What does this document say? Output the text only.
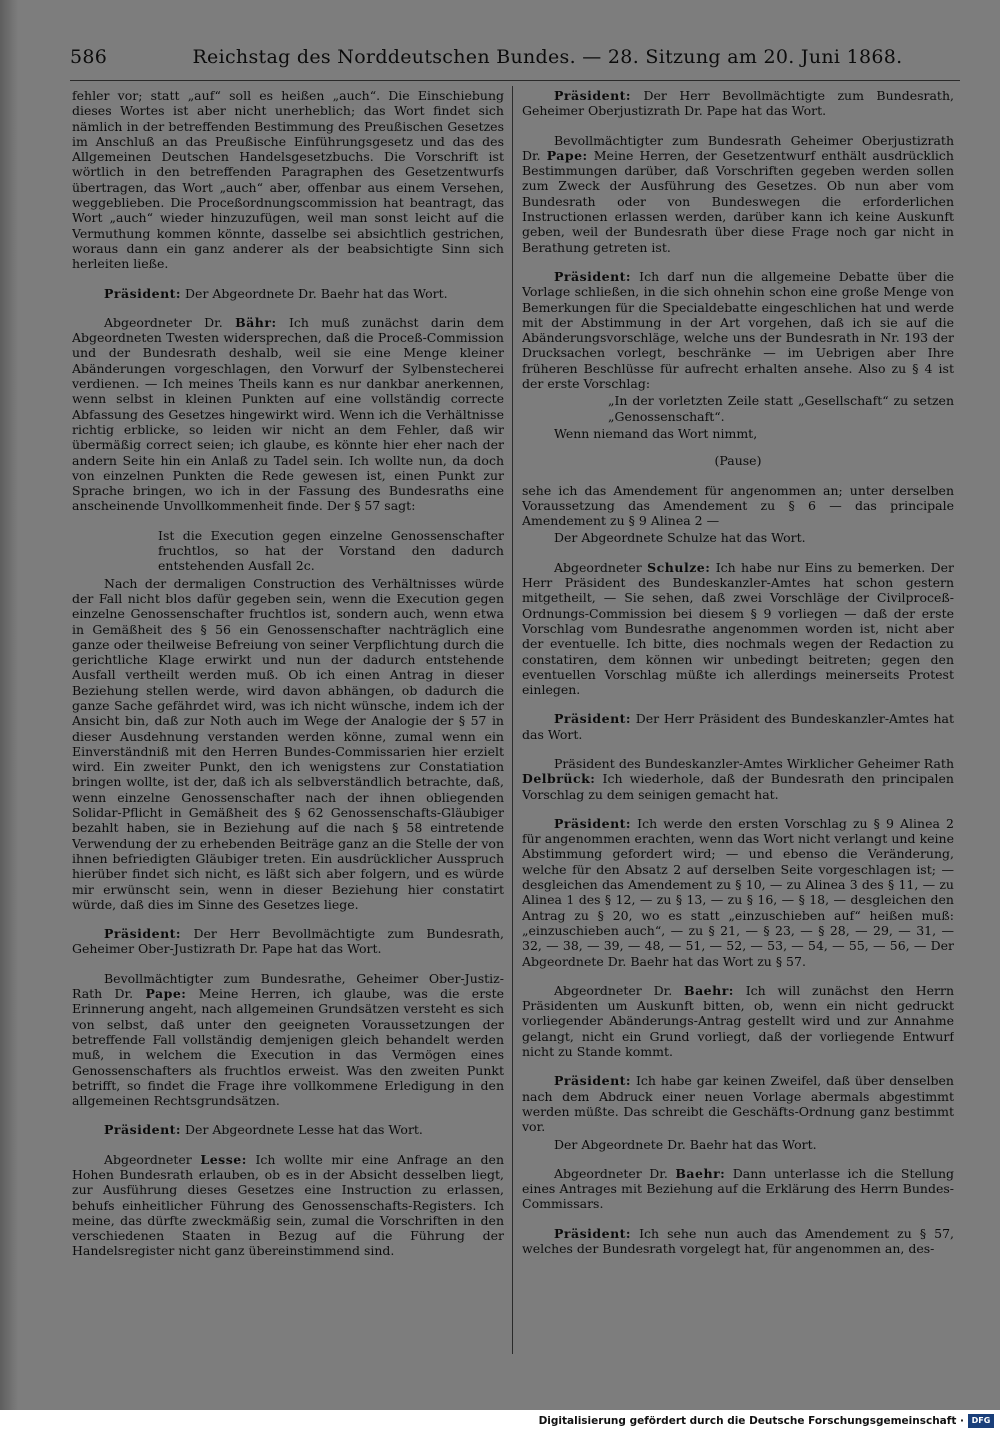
586	Reichstag des Norddeutschen Bundes. — 28. Sitzung am 20. Juni 1868.

fehler vor; statt „auf“ soll es heißen „auch“. Die Einschiebung dieses Wortes ist aber nicht unerheblich; das Wort findet sich nämlich in der betreffenden Bestimmung des Preußischen Gesetzes im Anschluß an das Preußische Einführungsgesetz und das des Allgemeinen Deutschen Handelsgesetzbuchs. Die Vorschrift ist wörtlich in den betreffenden Paragraphen des Gesetzentwurfs übertragen, das Wort „auch“ aber, offenbar aus einem Versehen, weggeblieben. Die Proceßordnungscommission hat beantragt, das Wort „auch“ wieder hinzuzufügen, weil man sonst leicht auf die Vermuthung kommen könnte, dasselbe sei absichtlich gestrichen, woraus dann ein ganz anderer als der beabsichtigte Sinn sich herleiten ließe.

Präsident: Der Abgeordnete Dr. Baehr hat das Wort.

Abgeordneter Dr. Bähr: Ich muß zunächst darin dem Abgeordneten Twesten widersprechen, daß die Proceß-Commission und der Bundesrath deshalb, weil sie eine Menge kleiner Abänderungen vorgeschlagen, den Vorwurf der Sylbenstecherei verdienen. — Ich meines Theils kann es nur dankbar anerkennen, wenn selbst in kleinen Punkten auf eine vollständig correcte Abfassung des Gesetzes hingewirkt wird. Wenn ich die Verhältnisse richtig erblicke, so leiden wir nicht an dem Fehler, daß wir übermäßig correct seien; ich glaube, es könnte hier eher nach der andern Seite hin ein Anlaß zu Tadel sein. Ich wollte nun, da doch von einzelnen Punkten die Rede gewesen ist, einen Punkt zur Sprache bringen, wo ich in der Fassung des Bundesraths eine anscheinende Unvollkommenheit finde. Der § 57 sagt:

Ist die Execution gegen einzelne Genossenschafter fruchtlos, so hat der Vorstand den dadurch entstehenden Ausfall 2c.

Nach der dermaligen Construction des Verhältnisses würde der Fall nicht blos dafür gegeben sein, wenn die Execution gegen einzelne Genossenschafter fruchtlos ist, sondern auch, wenn etwa in Gemäßheit des § 56 ein Genossenschafter nachträglich eine ganze oder theilweise Befreiung von seiner Verpflichtung durch die gerichtliche Klage erwirkt und nun der dadurch entstehende Ausfall vertheilt werden muß. Ob ich einen Antrag in dieser Beziehung stellen werde, wird davon abhängen, ob dadurch die ganze Sache gefährdet wird, was ich nicht wünsche, indem ich der Ansicht bin, daß zur Noth auch im Wege der Analogie der § 57 in dieser Ausdehnung verstanden werden könne, zumal wenn ein Einverständniß mit den Herren Bundes-Commissarien hier erzielt wird. Ein zweiter Punkt, den ich wenigstens zur Constatiation bringen wollte, ist der, daß ich als selbverständlich betrachte, daß, wenn einzelne Genossenschafter nach der ihnen obliegenden Solidar-Pflicht in Gemäßheit des § 62 Genossenschafts-Gläubiger bezahlt haben, sie in Beziehung auf die nach § 58 eintretende Verwendung der zu erhebenden Beiträge ganz an die Stelle der von ihnen befriedigten Gläubiger treten. Ein ausdrücklicher Ausspruch hierüber findet sich nicht, es läßt sich aber folgern, und es würde mir erwünscht sein, wenn in dieser Beziehung hier constatirt würde, daß dies im Sinne des Gesetzes liege.

Präsident: Der Herr Bevollmächtigte zum Bundesrath, Geheimer Ober-Justizrath Dr. Pape hat das Wort.

Bevollmächtigter zum Bundesrathe, Geheimer Ober-Justiz-Rath Dr. Pape: Meine Herren, ich glaube, was die erste Erinnerung angeht, nach allgemeinen Grundsätzen versteht es sich von selbst, daß unter den geeigneten Voraussetzungen der betreffende Fall vollständig demjenigen gleich behandelt werden muß, in welchem die Execution in das Vermögen eines Genossenschafters als fruchtlos erweist. Was den zweiten Punkt betrifft, so findet die Frage ihre vollkommene Erledigung in den allgemeinen Rechtsgrundsätzen.

Präsident: Der Abgeordnete Lesse hat das Wort.

Abgeordneter Lesse: Ich wollte mir eine Anfrage an den Hohen Bundesrath erlauben, ob es in der Absicht desselben liegt, zur Ausführung dieses Gesetzes eine Instruction zu erlassen, behufs einheitlicher Führung des Genossenschafts-Registers. Ich meine, das dürfte zweckmäßig sein, zumal die Vorschriften in den verschiedenen Staaten in Bezug auf die Führung der Handelsregister nicht ganz übereinstimmend sind.

Präsident: Der Herr Bevollmächtigte zum Bundesrath, Geheimer Oberjustizrath Dr. Pape hat das Wort.

Bevollmächtigter zum Bundesrath Geheimer Oberjustizrath Dr. Pape: Meine Herren, der Gesetzentwurf enthält ausdrücklich Bestimmungen darüber, daß Vorschriften gegeben werden sollen zum Zweck der Ausführung des Gesetzes. Ob nun aber vom Bundesrath oder von Bundeswegen die erforderlichen Instructionen erlassen werden, darüber kann ich keine Auskunft geben, weil der Bundesrath über diese Frage noch gar nicht in Berathung getreten ist.

Präsident: Ich darf nun die allgemeine Debatte über die Vorlage schließen, in die sich ohnehin schon eine große Menge von Bemerkungen für die Specialdebatte eingeschlichen hat und werde mit der Abstimmung in der Art vorgehen, daß ich sie auf die Abänderungsvorschläge, welche uns der Bundesrath in Nr. 193 der Drucksachen vorlegt, beschränke — im Uebrigen aber Ihre früheren Beschlüsse für aufrecht erhalten ansehe. Also zu § 4 ist der erste Vorschlag:

„In der vorletzten Zeile statt „Gesellschaft“ zu setzen „Genossenschaft“.

Wenn niemand das Wort nimmt,

(Pause)

sehe ich das Amendement für angenommen an; unter derselben Voraussetzung das Amendement zu § 6 — das principale Amendement zu § 9 Alinea 2 —

Der Abgeordnete Schulze hat das Wort.

Abgeordneter Schulze: Ich habe nur Eins zu bemerken. Der Herr Präsident des Bundeskanzler-Amtes hat schon gestern mitgetheilt, — Sie sehen, daß zwei Vorschläge der Civilproceß-Ordnungs-Commission bei diesem § 9 vorliegen — daß der erste Vorschlag vom Bundesrathe angenommen worden ist, nicht aber der eventuelle. Ich bitte, dies nochmals wegen der Redaction zu constatiren, dem können wir unbedingt beitreten; gegen den eventuellen Vorschlag müßte ich allerdings meinerseits Protest einlegen.

Präsident: Der Herr Präsident des Bundeskanzler-Amtes hat das Wort.

Präsident des Bundeskanzler-Amtes Wirklicher Geheimer Rath Delbrück: Ich wiederhole, daß der Bundesrath den principalen Vorschlag zu dem seinigen gemacht hat.

Präsident: Ich werde den ersten Vorschlag zu § 9 Alinea 2 für angenommen erachten, wenn das Wort nicht verlangt und keine Abstimmung gefordert wird; — und ebenso die Veränderung, welche für den Absatz 2 auf derselben Seite vorgeschlagen ist; — desgleichen das Amendement zu § 10, — zu Alinea 3 des § 11, — zu Alinea 1 des § 12, — zu § 13, — zu § 16, — § 18, — desgleichen den Antrag zu § 20, wo es statt „einzuschieben auf“ heißen muß: „einzuschieben auch“, — zu § 21, — § 23, — § 28, — 29, — 31, — 32, — 38, — 39, — 48, — 51, — 52, — 53, — 54, — 55, — 56, — Der Abgeordnete Dr. Baehr hat das Wort zu § 57.

Abgeordneter Dr. Baehr: Ich will zunächst den Herrn Präsidenten um Auskunft bitten, ob, wenn ein nicht gedruckt vorliegender Abänderungs-Antrag gestellt wird und zur Annahme gelangt, nicht ein Grund vorliegt, daß der vorliegende Entwurf nicht zu Stande kommt.

Präsident: Ich habe gar keinen Zweifel, daß über denselben nach dem Abdruck einer neuen Vorlage abermals abgestimmt werden müßte. Das schreibt die Geschäfts-Ordnung ganz bestimmt vor.

Der Abgeordnete Dr. Baehr hat das Wort.

Abgeordneter Dr. Baehr: Dann unterlasse ich die Stellung eines Antrages mit Beziehung auf die Erklärung des Herrn Bundes-Commissars.

Präsident: Ich sehe nun auch das Amendement zu § 57, welches der Bundesrath vorgelegt hat, für angenommen an, des-

Digitalisierung gefördert durch die Deutsche Forschungsgemeinschaft · DFG
